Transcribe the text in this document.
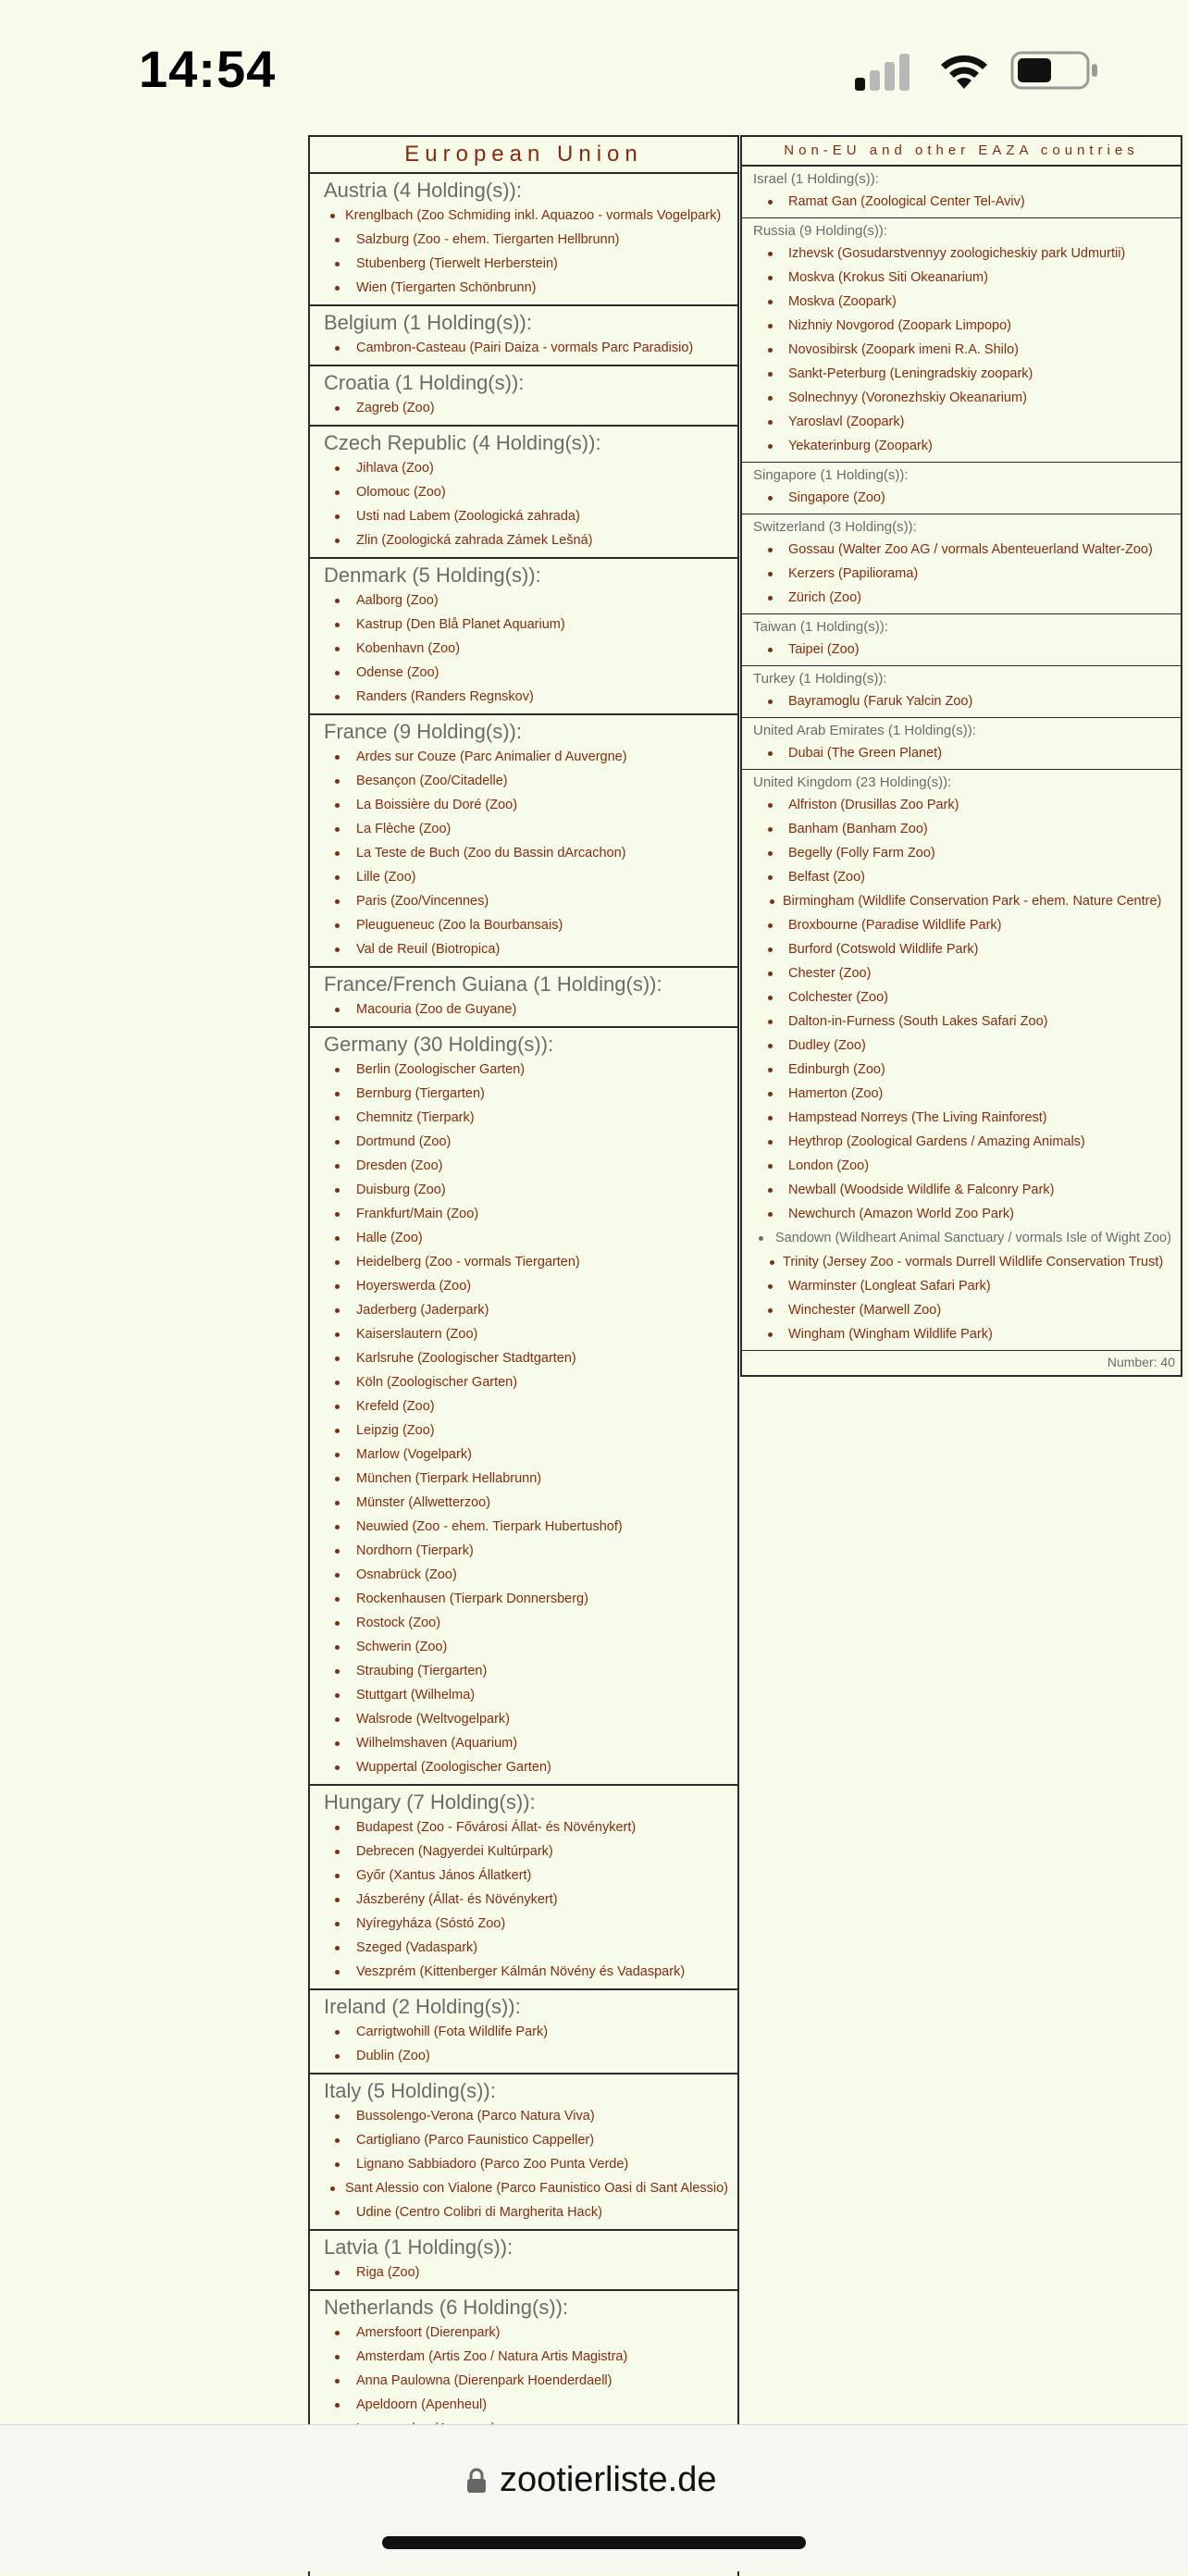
14:54
European Union
Austria (4 Holding(s)):
Krenglbach (Zoo Schmiding inkl. Aquazoo - vormals Vogelpark)
Salzburg (Zoo - ehem. Tiergarten Hellbrunn)
Stubenberg (Tierwelt Herberstein)
Wien (Tiergarten Schönbrunn)
Belgium (1 Holding(s)):
Cambron-Casteau (Pairi Daiza - vormals Parc Paradisio)
Croatia (1 Holding(s)):
Zagreb (Zoo)
Czech Republic (4 Holding(s)):
Jihlava (Zoo)
Olomouc (Zoo)
Usti nad Labem (Zoologická zahrada)
Zlin (Zoologická zahrada Zámek Lešná)
Denmark (5 Holding(s)):
Aalborg (Zoo)
Kastrup (Den Blå Planet Aquarium)
Kobenhavn (Zoo)
Odense (Zoo)
Randers (Randers Regnskov)
France (9 Holding(s)):
Ardes sur Couze (Parc Animalier d Auvergne)
Besançon (Zoo/Citadelle)
La Boissière du Doré (Zoo)
La Flèche (Zoo)
La Teste de Buch (Zoo du Bassin dArcachon)
Lille (Zoo)
Paris (Zoo/Vincennes)
Pleugueneuc (Zoo la Bourbansais)
Val de Reuil (Biotropica)
France/French Guiana (1 Holding(s)):
Macouria (Zoo de Guyane)
Germany (30 Holding(s)):
Berlin (Zoologischer Garten)
Bernburg (Tiergarten)
Chemnitz (Tierpark)
Dortmund (Zoo)
Dresden (Zoo)
Duisburg (Zoo)
Frankfurt/Main (Zoo)
Halle (Zoo)
Heidelberg (Zoo - vormals Tiergarten)
Hoyerswerda (Zoo)
Jaderberg (Jaderpark)
Kaiserslautern (Zoo)
Karlsruhe (Zoologischer Stadtgarten)
Köln (Zoologischer Garten)
Krefeld (Zoo)
Leipzig (Zoo)
Marlow (Vogelpark)
München (Tierpark Hellabrunn)
Münster (Allwetterzoo)
Neuwied (Zoo - ehem. Tierpark Hubertushof)
Nordhorn (Tierpark)
Osnabrück (Zoo)
Rockenhausen (Tierpark Donnersberg)
Rostock (Zoo)
Schwerin (Zoo)
Straubing (Tiergarten)
Stuttgart (Wilhelma)
Walsrode (Weltvogelpark)
Wilhelmshaven (Aquarium)
Wuppertal (Zoologischer Garten)
Hungary (7 Holding(s)):
Budapest (Zoo - Fővárosi Állat- és Növénykert)
Debrecen (Nagyerdei Kultúrpark)
Győr (Xantus János Állatkert)
Jászberény (Állat- és Növénykert)
Nyíregyháza (Sóstó Zoo)
Szeged (Vadaspark)
Veszprém (Kittenberger Kálmán Növény és Vadaspark)
Ireland (2 Holding(s)):
Carrigtwohill (Fota Wildlife Park)
Dublin (Zoo)
Italy (5 Holding(s)):
Bussolengo-Verona (Parco Natura Viva)
Cartigliano (Parco Faunistico Cappeller)
Lignano Sabbiadoro (Parco Zoo Punta Verde)
Sant Alessio con Vialone (Parco Faunistico Oasi di Sant Alessio)
Udine (Centro Colibri di Margherita Hack)
Latvia (1 Holding(s)):
Riga (Zoo)
Netherlands (6 Holding(s)):
Amersfoort (Dierenpark)
Amsterdam (Artis Zoo / Natura Artis Magistra)
Anna Paulowna (Dierenpark Hoenderdaell)
Apeldoorn (Apenheul)
Non-EU and other EAZA countries
Israel (1 Holding(s)):
Ramat Gan (Zoological Center Tel-Aviv)
Russia (9 Holding(s)):
Izhevsk (Gosudarstvennyy zoologicheskiy park Udmurtii)
Moskva (Krokus Siti Okeanarium)
Moskva (Zoopark)
Nizhniy Novgorod (Zoopark Limpopo)
Novosibirsk (Zoopark imeni R.A. Shilo)
Sankt-Peterburg (Leningradskiy zoopark)
Solnechnyy (Voronezhskiy Okeanarium)
Yaroslavl (Zoopark)
Yekaterinburg (Zoopark)
Singapore (1 Holding(s)):
Singapore (Zoo)
Switzerland (3 Holding(s)):
Gossau (Walter Zoo AG / vormals Abenteuerland Walter-Zoo)
Kerzers (Papiliorama)
Zürich (Zoo)
Taiwan (1 Holding(s)):
Taipei (Zoo)
Turkey (1 Holding(s)):
Bayramoglu (Faruk Yalcin Zoo)
United Arab Emirates (1 Holding(s)):
Dubai (The Green Planet)
United Kingdom (23 Holding(s)):
Alfriston (Drusillas Zoo Park)
Banham (Banham Zoo)
Begelly (Folly Farm Zoo)
Belfast (Zoo)
Birmingham (Wildlife Conservation Park - ehem. Nature Centre)
Broxbourne (Paradise Wildlife Park)
Burford (Cotswold Wildlife Park)
Chester (Zoo)
Colchester (Zoo)
Dalton-in-Furness (South Lakes Safari Zoo)
Dudley (Zoo)
Edinburgh (Zoo)
Hamerton (Zoo)
Hampstead Norreys (The Living Rainforest)
Heythrop (Zoological Gardens / Amazing Animals)
London (Zoo)
Newball (Woodside Wildlife & Falconry Park)
Newchurch (Amazon World Zoo Park)
Sandown (Wildheart Animal Sanctuary / vormals Isle of Wight Zoo)
Trinity (Jersey Zoo - vormals Durrell Wildlife Conservation Trust)
Warminster (Longleat Safari Park)
Winchester (Marwell Zoo)
Wingham (Wingham Wildlife Park)
Number: 40
zootierliste.de
